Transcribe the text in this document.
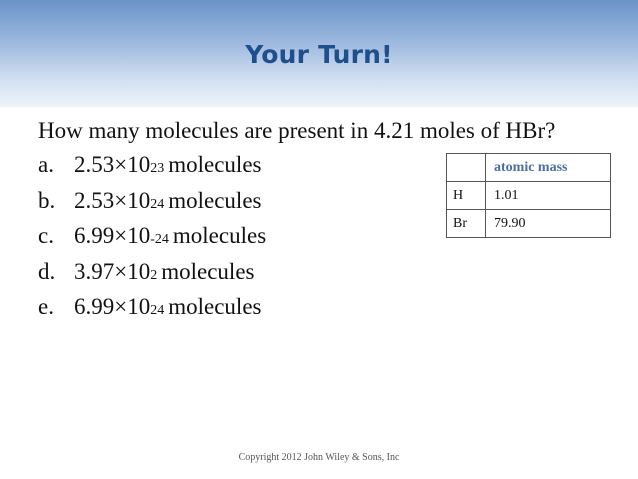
Your Turn!
How many molecules are present in 4.21 moles of HBr?
a. 2.53×10 23 molecules
b. 2.53×10 24 molecules
c. 6.99×10 -24 molecules
d. 3.97×10 2 molecules
e. 6.99×10 24 molecules
	atomic mass
H	1.01
Br	79.90
Copyright 2012 John Wiley & Sons, Inc
